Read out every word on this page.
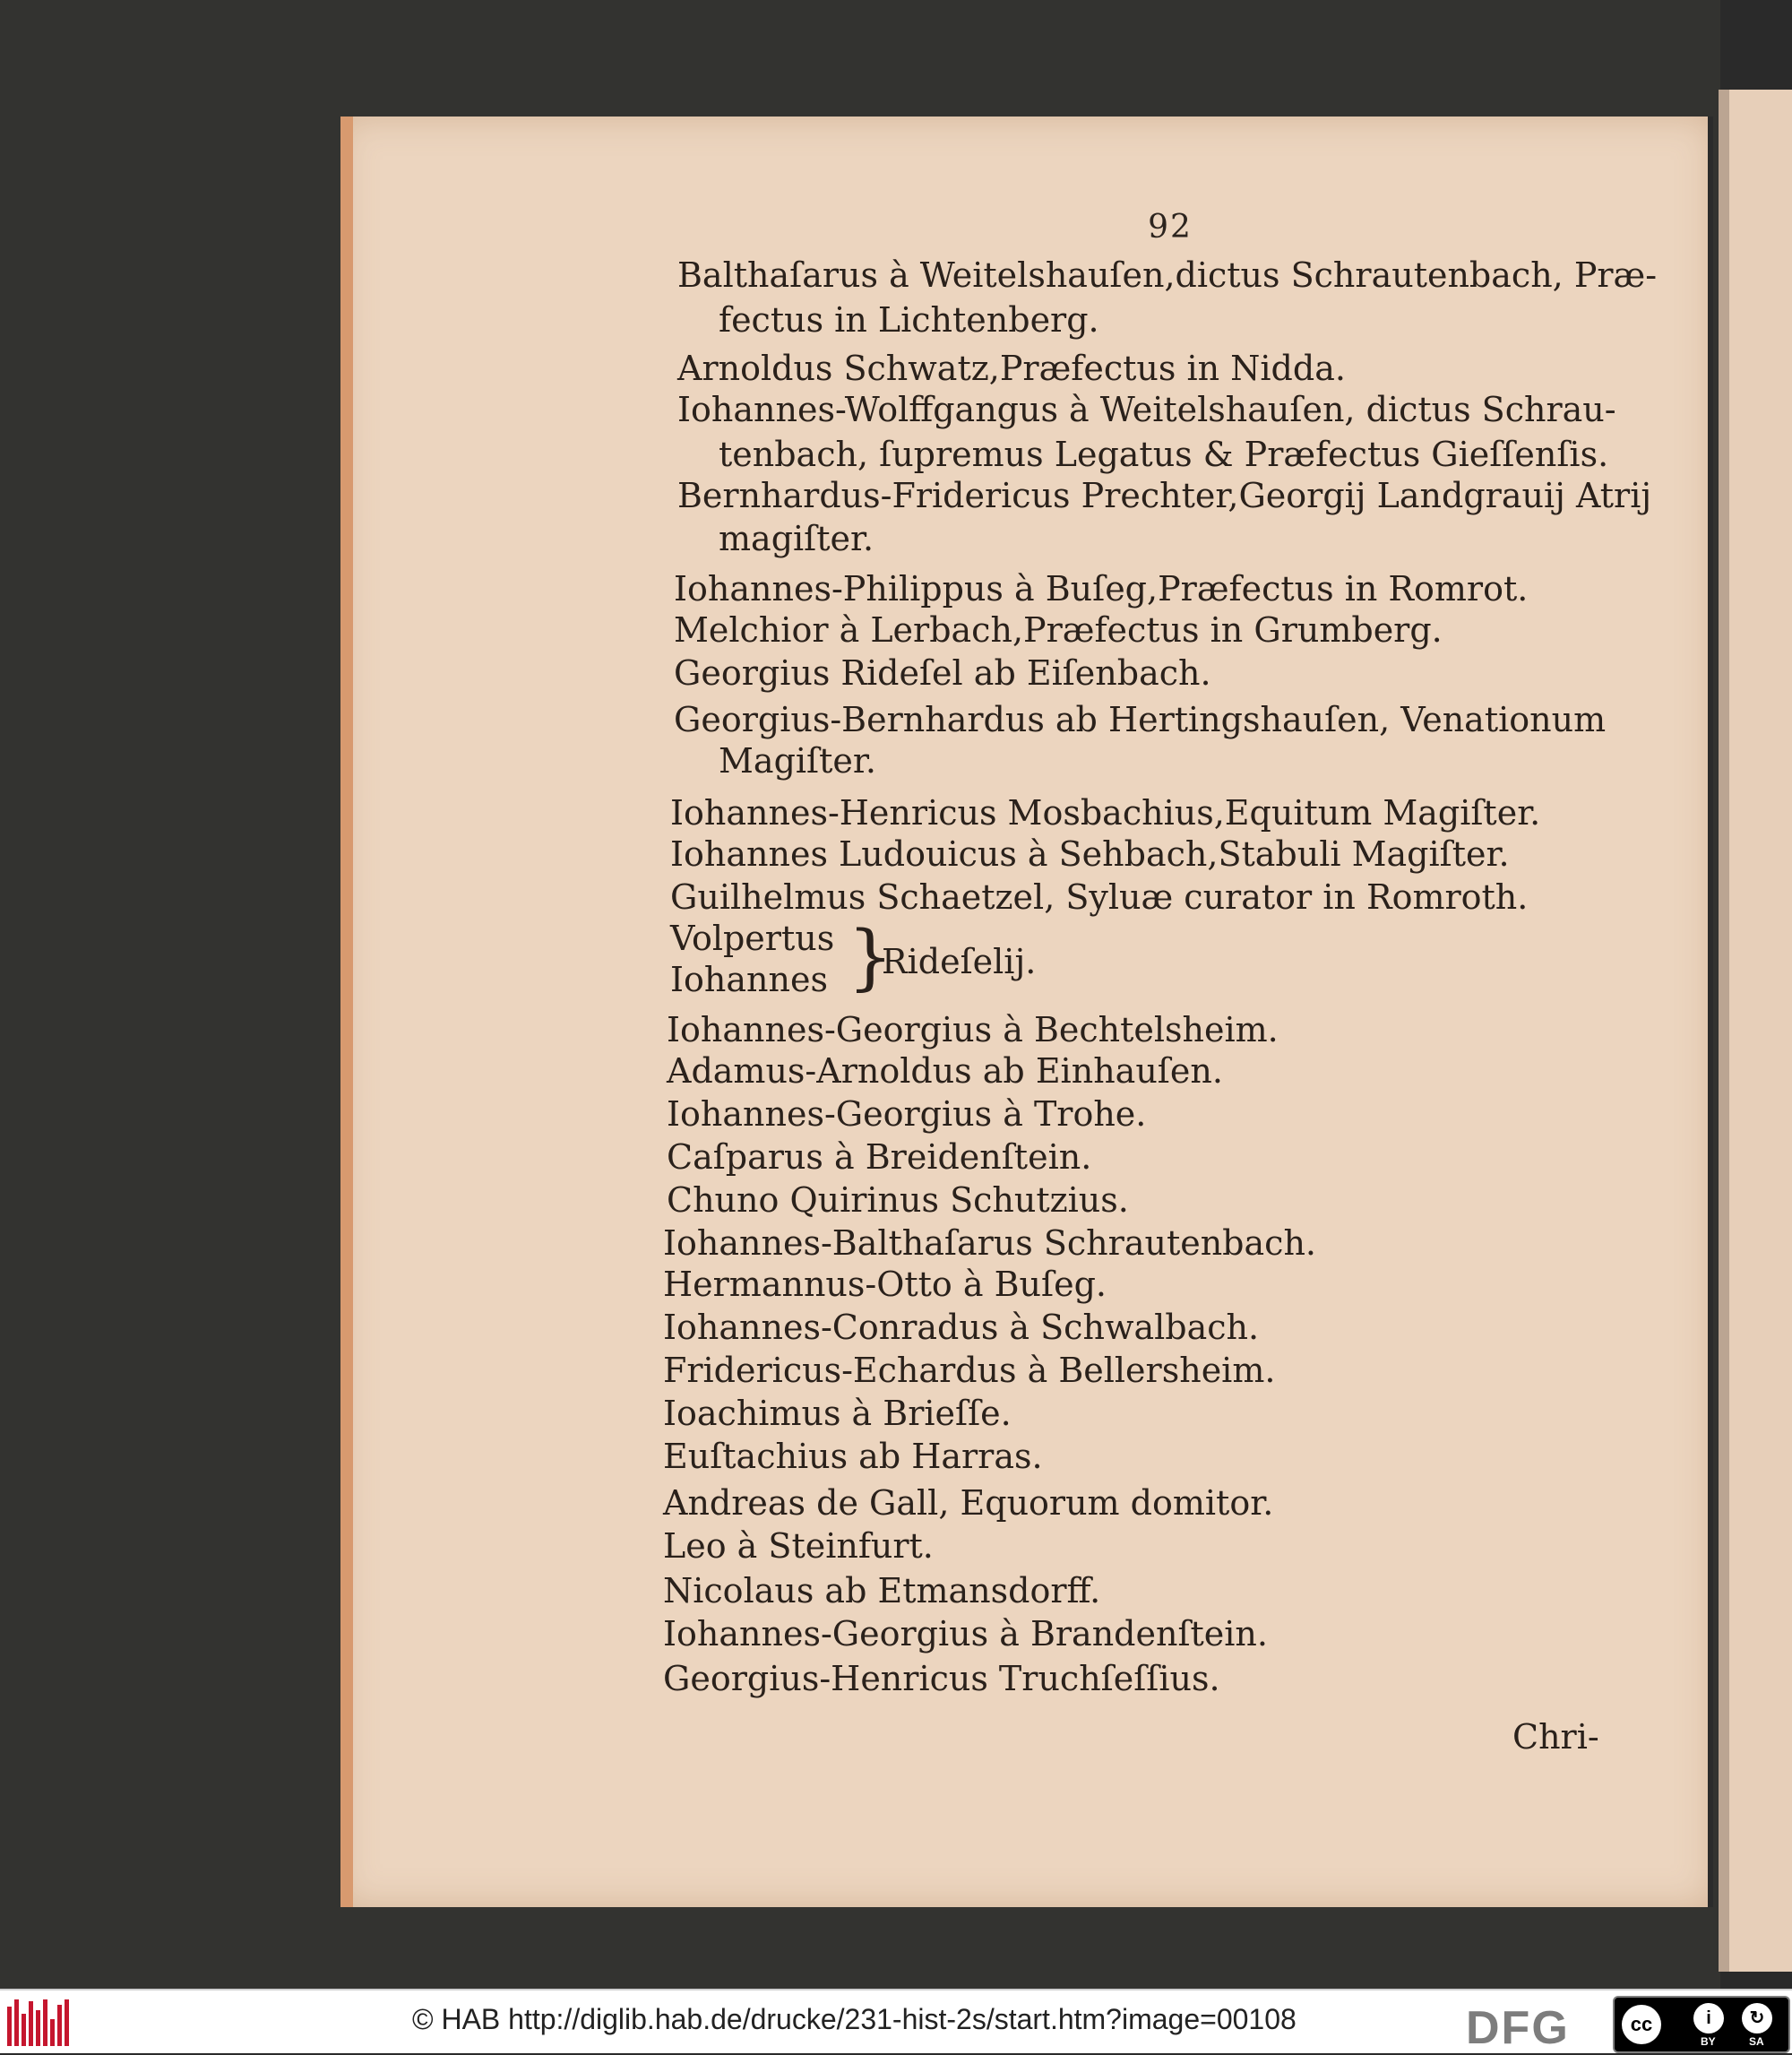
92
Balthaſarus à Weitelshauſen,dictus Schrautenbach, Præ-
fectus in Lichtenberg.
Arnoldus Schwatz,Præfectus in Nidda.
Iohannes-Wolffgangus à Weitelshauſen, dictus Schrau-
tenbach, ſupremus Legatus & Præfectus Gieſſenſis.
Bernhardus-Fridericus Prechter,Georgij Landgrauij Atrij
magiſter.
Iohannes-Philippus à Buſeg,Præfectus in Romrot.
Melchior à Lerbach,Præfectus in Grumberg.
Georgius Rideſel ab Eiſenbach.
Georgius-Bernhardus ab Hertingshauſen, Venationum
Magiſter.
Iohannes-Henricus Mosbachius,Equitum Magiſter.
Iohannes Ludouicus à Sehbach,Stabuli Magiſter.
Guilhelmus Schaetzel, Syluæ curator in Romroth.
Iohannes-Georgius à Bechtelsheim.
Adamus-Arnoldus ab Einhauſen.
Iohannes-Georgius à Trohe.
Caſparus à Breidenſtein.
Chuno Quirinus Schutzius.
Iohannes-Balthaſarus Schrautenbach.
Hermannus-Otto à Buſeg.
Iohannes-Conradus à Schwalbach.
Fridericus-Echardus à Bellersheim.
Ioachimus à Brieſſe.
Euſtachius ab Harras.
Andreas de Gall, Equorum domitor.
Leo à Steinfurt.
Nicolaus ab Etmansdorff.
Iohannes-Georgius à Brandenſtein.
Georgius-Henricus Truchſeſſius.
Volpertus
Iohannes }
Rideſelij.
Chri-
© HAB http://diglib.hab.de/drucke/231-hist-2s/start.htm?image=00108	DFG	cc	i	↻
BY	SA
